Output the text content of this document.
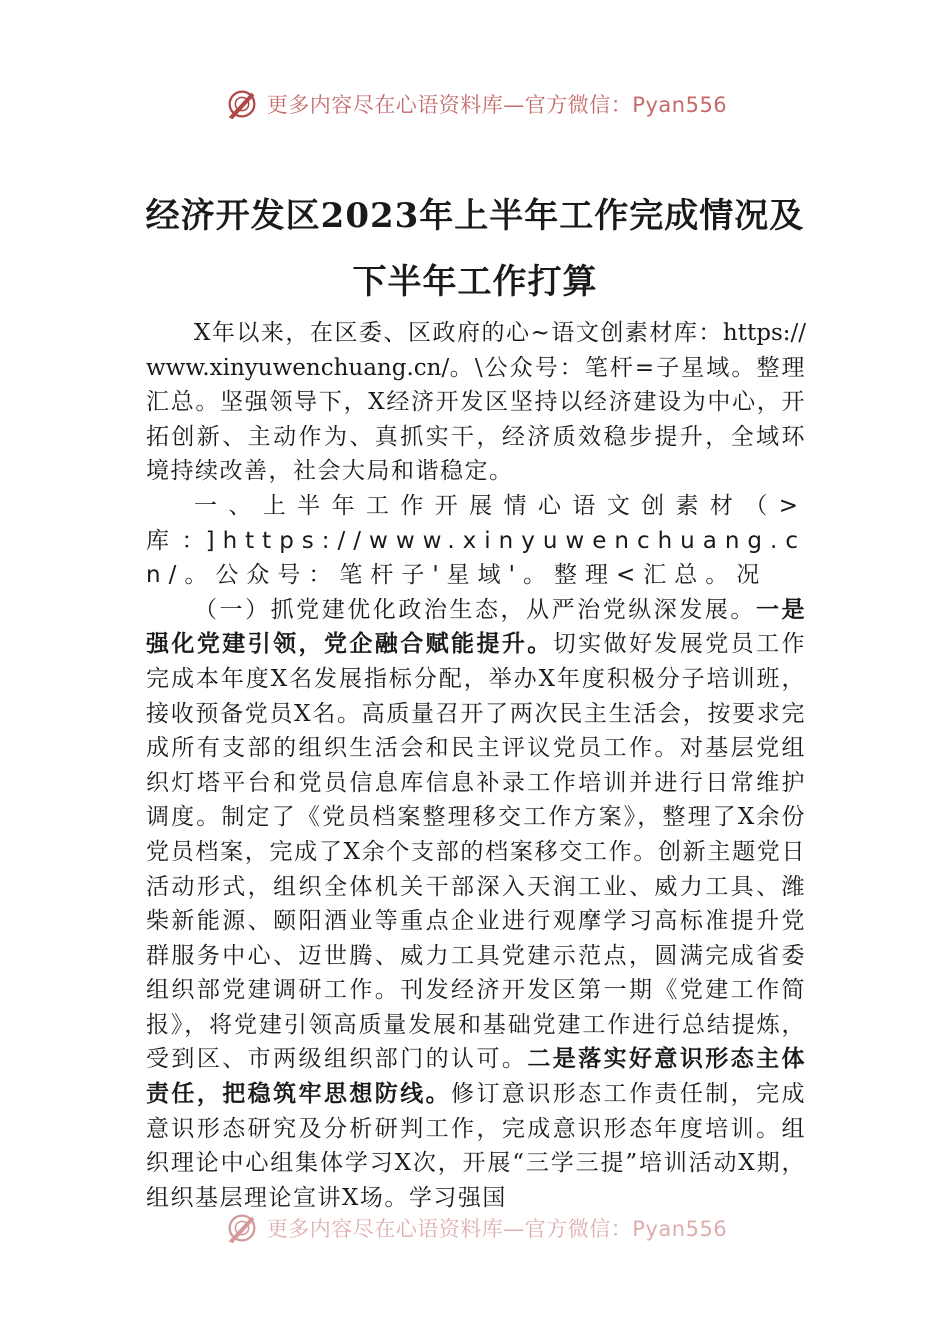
更多内容尽在心语资料库—官方微信：Pyan556
经济开发区2023年上半年工作完成情况及
下半年工作打算

X年以来，在区委、区政府的心~语文创素材库：https://www.xinyuwenchuang.cn/。\公众号：笔杆=子星域。整理汇总。坚强领导下，X经济开发区坚持以经济建设为中心，开拓创新、主动作为、真抓实干，经济质效稳步提升，全域环境持续改善，社会大局和谐稳定。

一、上半年工作开展情心语文创素材（>库：]https://www.xinyuwenchuang.cn/。公众号：笔杆子'星域'。整理<汇总。况

（一）抓党建优化政治生态，从严治党纵深发展。一是强化党建引领，党企融合赋能提升。切实做好发展党员工作完成本年度X名发展指标分配，举办X年度积极分子培训班，接收预备党员X名。高质量召开了两次民主生活会，按要求完成所有支部的组织生活会和民主评议党员工作。对基层党组织灯塔平台和党员信息库信息补录工作培训并进行日常维护调度。制定了《党员档案整理移交工作方案》，整理了X余份党员档案，完成了X余个支部的档案移交工作。创新主题党日活动形式，组织全体机关干部深入天润工业、威力工具、潍柴新能源、颐阳酒业等重点企业进行观摩学习高标准提升党群服务中心、迈世腾、威力工具党建示范点，圆满完成省委组织部党建调研工作。刊发经济开发区第一期《党建工作简报》，将党建引领高质量发展和基础党建工作进行总结提炼，受到区、市两级组织部门的认可。二是落实好意识形态主体责任，把稳筑牢思想防线。修订意识形态工作责任制，完成意识形态研究及分析研判工作，完成意识形态年度培训。组织理论中心组集体学习X次，开展“三学三提”培训活动X期，组织基层理论宣讲X场。学习强国

更多内容尽在心语资料库—官方微信：Pyan556
